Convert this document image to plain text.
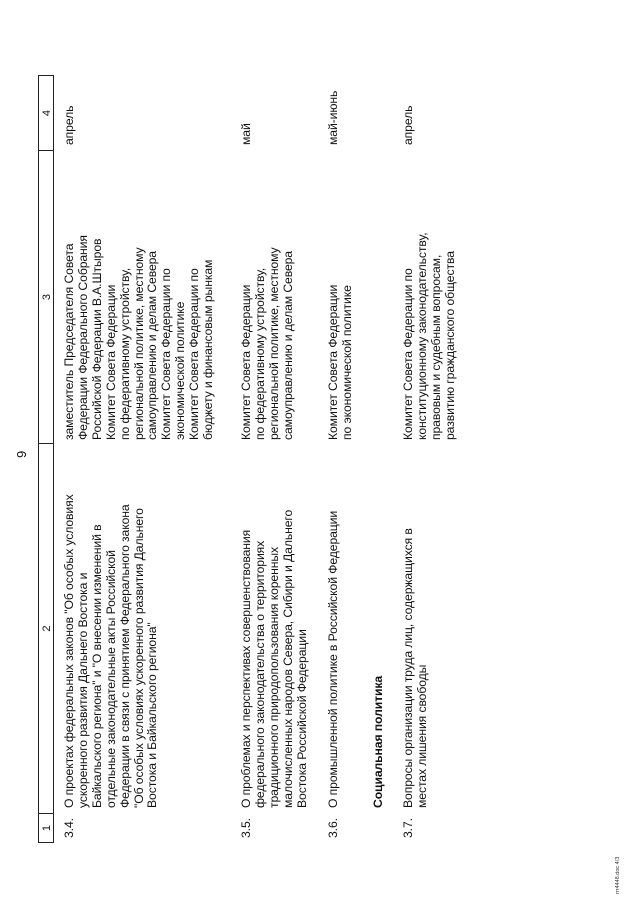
9
1
2
3
4
3.4.
О проектах федеральных законов "Об особых условиях
ускоренного развития Дальнего Востока и
Байкальского региона" и "О внесении изменений в
отдельные законодательные акты Российской
Федерации в связи с принятием Федерального закона
"Об особых условиях ускоренного развития Дальнего
Востока и Байкальского региона"
заместитель Председателя Совета
Федерации Федерального Собрания
Российской Федерации В.А.Штыров
Комитет Совета Федерации
по федеративному устройству,
региональной политике, местному
самоуправлению и делам Севера
Комитет Совета Федерации по
экономической политике
Комитет Совета Федерации по
бюджету и финансовым рынкам
апрель
3.5.
О проблемах и перспективах совершенствования
федерального законодательства о территориях
традиционного природопользования коренных
малочисленных народов Севера, Сибири и Дальнего
Востока Российской Федерации
Комитет Совета Федерации
по федеративному устройству,
региональной политике, местному
самоуправлению и делам Севера
май
3.6.
О промышленной политике в Российской Федерации
Комитет Совета Федерации
по экономической политике
май-июнь
Социальная политика
3.7.
Вопросы организации труда лиц, содержащихся в
местах лишения свободы
Комитет Совета Федерации по
конституционному законодательству,
правовым и судебным вопросам,
развитию гражданского общества
апрель
пт4448.doc 4/3
